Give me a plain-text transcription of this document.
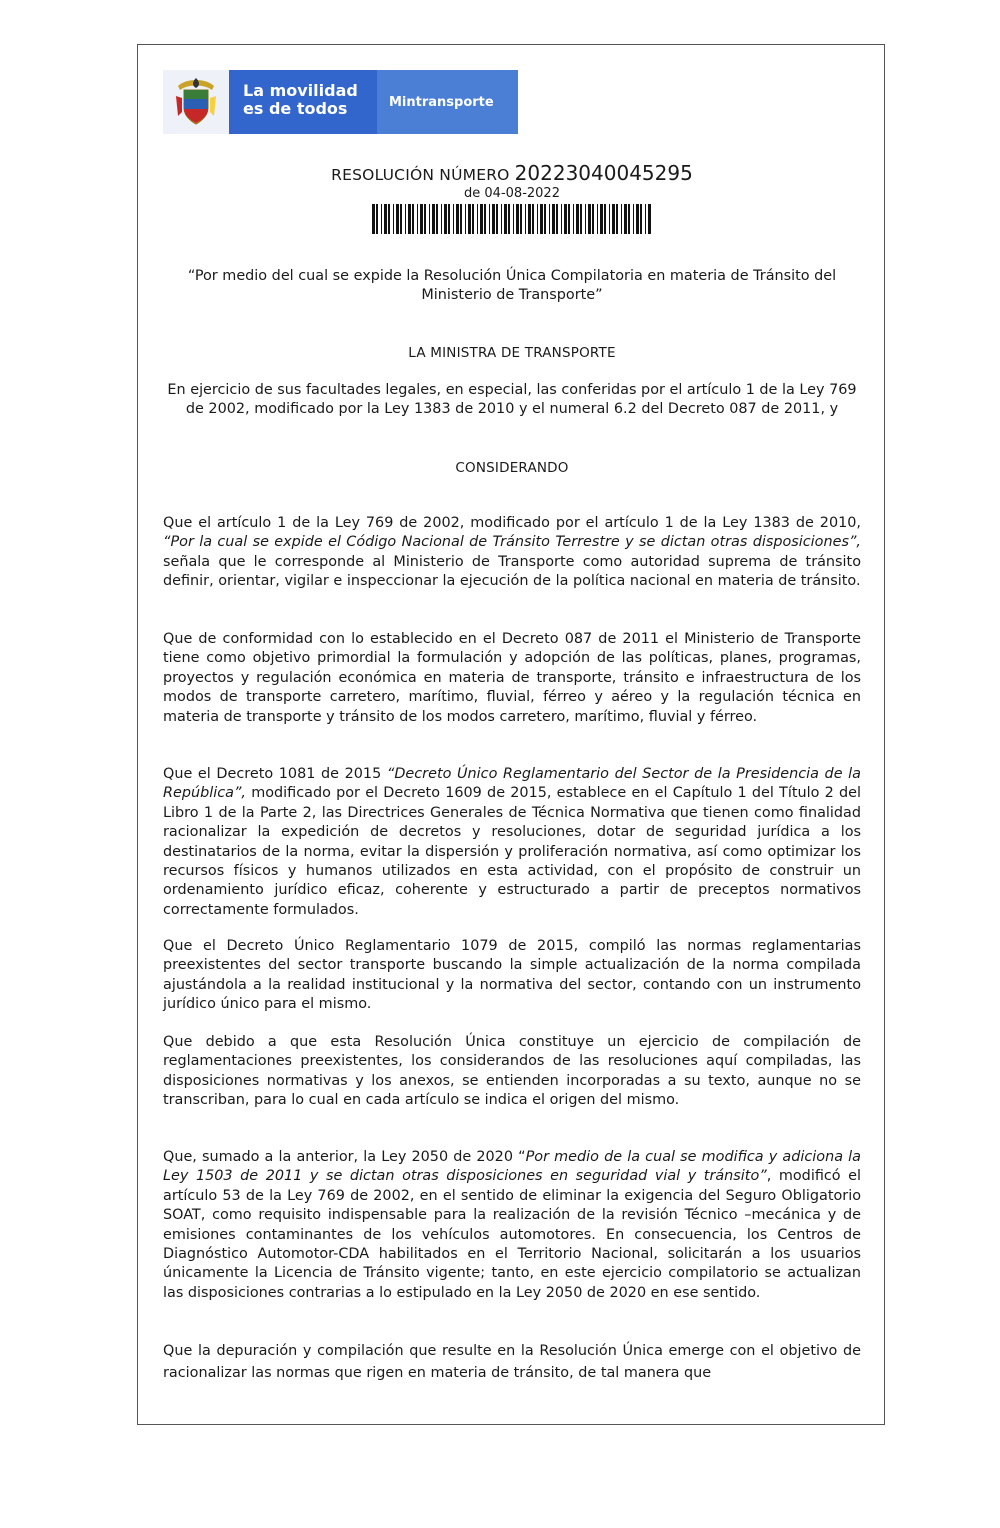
La movilidad
es de todos	Mintransporte
RESOLUCIÓN NÚMERO 20223040045295
de 04-08-2022
“Por medio del cual se expide la Resolución Única Compilatoria en materia de Tránsito del Ministerio de Transporte”
LA MINISTRA DE TRANSPORTE
En ejercicio de sus facultades legales, en especial, las conferidas por el artículo 1 de la Ley 769 de 2002, modificado por la Ley 1383 de 2010 y el numeral 6.2 del Decreto 087 de 2011, y
CONSIDERANDO
Que el artículo 1 de la Ley 769 de 2002, modificado por el artículo 1 de la Ley 1383 de 2010, “Por la cual se expide el Código Nacional de Tránsito Terrestre y se dictan otras disposiciones”, señala que le corresponde al Ministerio de Transporte como autoridad suprema de tránsito definir, orientar, vigilar e inspeccionar la ejecución de la política nacional en materia de tránsito.
Que de conformidad con lo establecido en el Decreto 087 de 2011 el Ministerio de Transporte tiene como objetivo primordial la formulación y adopción de las políticas, planes, programas, proyectos y regulación económica en materia de transporte, tránsito e infraestructura de los modos de transporte carretero, marítimo, fluvial, férreo y aéreo y la regulación técnica en materia de transporte y tránsito de los modos carretero, marítimo, fluvial y férreo.
Que el Decreto 1081 de 2015 “Decreto Único Reglamentario del Sector de la Presidencia de la República”, modificado por el Decreto 1609 de 2015, establece en el Capítulo 1 del Título 2 del Libro 1 de la Parte 2, las Directrices Generales de Técnica Normativa que tienen como finalidad racionalizar la expedición de decretos y resoluciones, dotar de seguridad jurídica a los destinatarios de la norma, evitar la dispersión y proliferación normativa, así como optimizar los recursos físicos y humanos utilizados en esta actividad, con el propósito de construir un ordenamiento jurídico eficaz, coherente y estructurado a partir de preceptos normativos correctamente formulados.
Que el Decreto Único Reglamentario 1079 de 2015, compiló las normas reglamentarias preexistentes del sector transporte buscando la simple actualización de la norma compilada ajustándola a la realidad institucional y la normativa del sector, contando con un instrumento jurídico único para el mismo.
Que debido a que esta Resolución Única constituye un ejercicio de compilación de reglamentaciones preexistentes, los considerandos de las resoluciones aquí compiladas, las disposiciones normativas y los anexos, se entienden incorporadas a su texto, aunque no se transcriban, para lo cual en cada artículo se indica el origen del mismo.
Que, sumado a la anterior, la Ley 2050 de 2020 “Por medio de la cual se modifica y adiciona la Ley 1503 de 2011 y se dictan otras disposiciones en seguridad vial y tránsito”, modificó el artículo 53 de la Ley 769 de 2002, en el sentido de eliminar la exigencia del Seguro Obligatorio SOAT, como requisito indispensable para la realización de la revisión Técnico –mecánica y de emisiones contaminantes de los vehículos automotores. En consecuencia, los Centros de Diagnóstico Automotor-CDA habilitados en el Territorio Nacional, solicitarán a los usuarios únicamente la Licencia de Tránsito vigente; tanto, en este ejercicio compilatorio se actualizan las disposiciones contrarias a lo estipulado en la Ley 2050 de 2020 en ese sentido.
Que la depuración y compilación que resulte en la Resolución Única emerge con el objetivo de racionalizar las normas que rigen en materia de tránsito, de tal manera que
